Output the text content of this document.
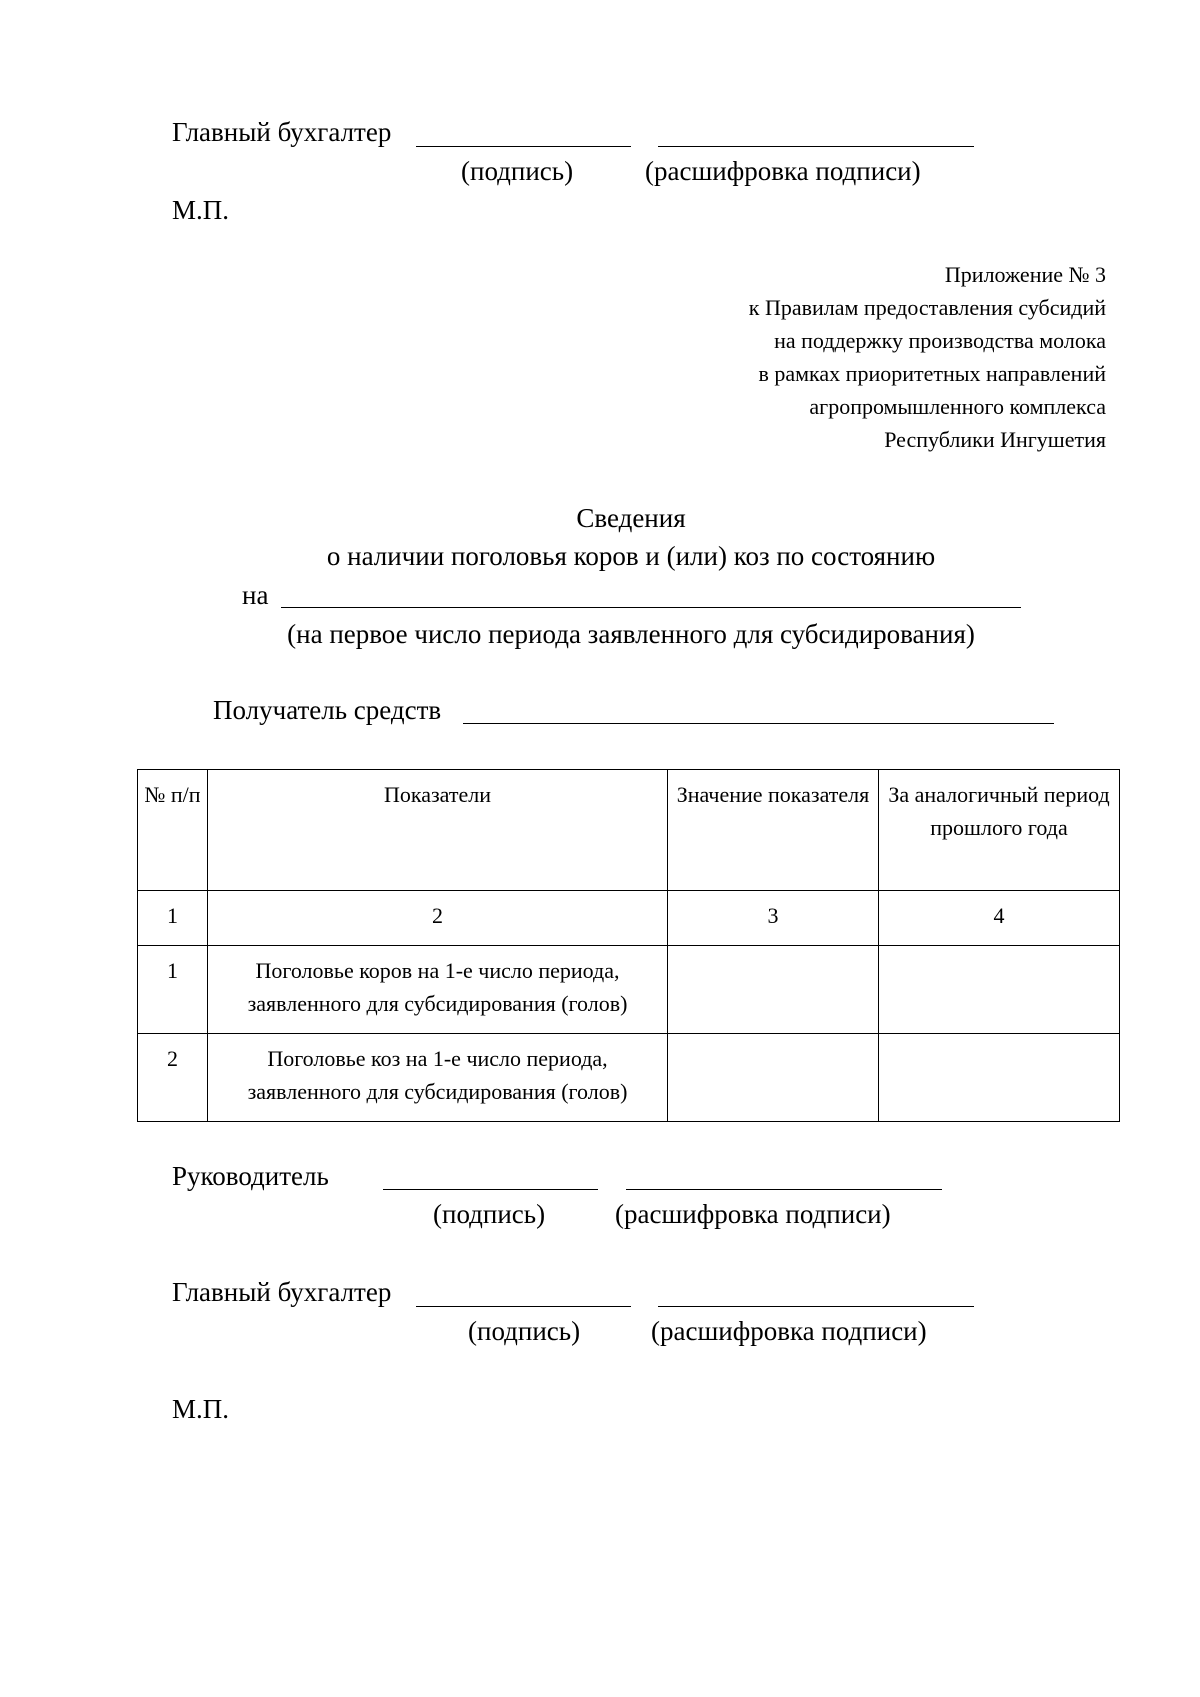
Главный бухгалтер
(подпись)	(расшифровка подписи)
М.П.
Приложение № 3
к Правилам предоставления субсидий
на поддержку производства молока
в рамках приоритетных направлений
агропромышленного комплекса
Республики Ингушетия
Сведения
о наличии поголовья коров и (или) коз по состоянию
на
(на первое число периода заявленного для субсидирования)
Получатель средств
№ п/п	Показатели	Значение показателя	За аналогичный период прошлого года
1	2	3	4
1	Поголовье коров на 1-е число периода, заявленного для субсидирования (голов)		
2	Поголовье коз на 1-е число периода, заявленного для субсидирования (голов)		
Руководитель
(подпись)	(расшифровка подписи)
Главный бухгалтер
(подпись)	(расшифровка подписи)
М.П.
